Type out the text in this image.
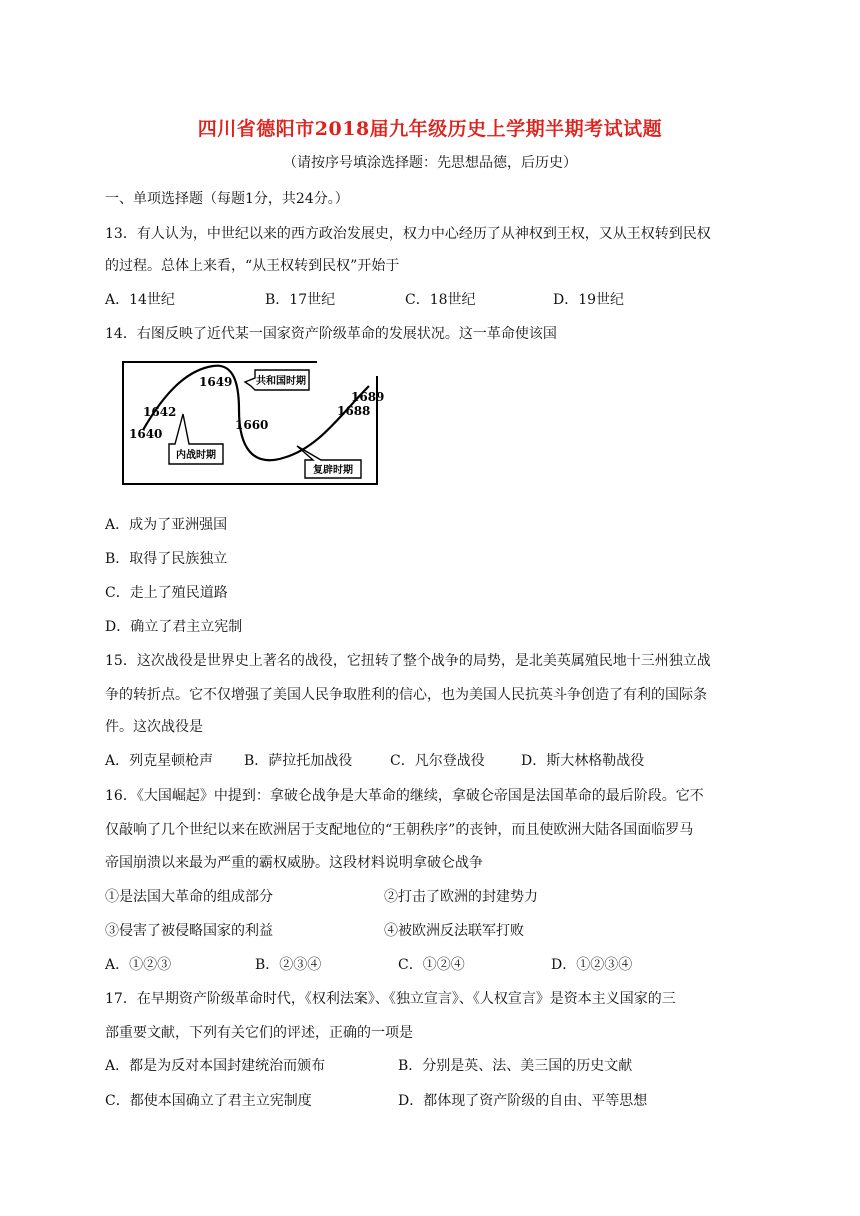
四川省德阳市2018届九年级历史上学期半期考试试题
（请按序号填涂选择题：先思想品德，后历史）
一、单项选择题（每题1分，共24分。）
13．有人认为，中世纪以来的西方政治发展史，权力中心经历了从神权到王权，又从王权转到民权
的过程。总体上来看，“从王权转到民权”开始于
A．14世纪	B．17世纪	C．18世纪	D．19世纪
14．右图反映了近代某一国家资产阶级革命的发展状况。这一革命使该国
共和国时期
内战时期
复辟时期
1640
1642
1649
1660
1688
1689
A．成为了亚洲强国
B．取得了民族独立
C．走上了殖民道路
D．确立了君主立宪制
15．这次战役是世界史上著名的战役，它扭转了整个战争的局势，是北美英属殖民地十三州独立战
争的转折点。它不仅增强了美国人民争取胜利的信心，也为美国人民抗英斗争创造了有利的国际条
件。这次战役是
A．列克星顿枪声 B．萨拉托加战役	C．凡尔登战役	D．斯大林格勒战役
16．《大国崛起》中提到：拿破仑战争是大革命的继续，拿破仑帝国是法国革命的最后阶段。它不
仅敲响了几个世纪以来在欧洲居于支配地位的“王朝秩序”的丧钟，而且使欧洲大陆各国面临罗马
帝国崩溃以来最为严重的霸权威胁。这段材料说明拿破仑战争
①是法国大革命的组成部分	②打击了欧洲的封建势力
③侵害了被侵略国家的利益	④被欧洲反法联军打败
A．①②③	B．②③④	C．①②④	D．①②③④
17．在早期资产阶级革命时代，《权利法案》、《独立宣言》、《人权宣言》是资本主义国家的三
部重要文献，下列有关它们的评述，正确的一项是
A．都是为反对本国封建统治而颁布	B．分别是英、法、美三国的历史文献
C．都使本国确立了君主立宪制度	D．都体现了资产阶级的自由、平等思想
